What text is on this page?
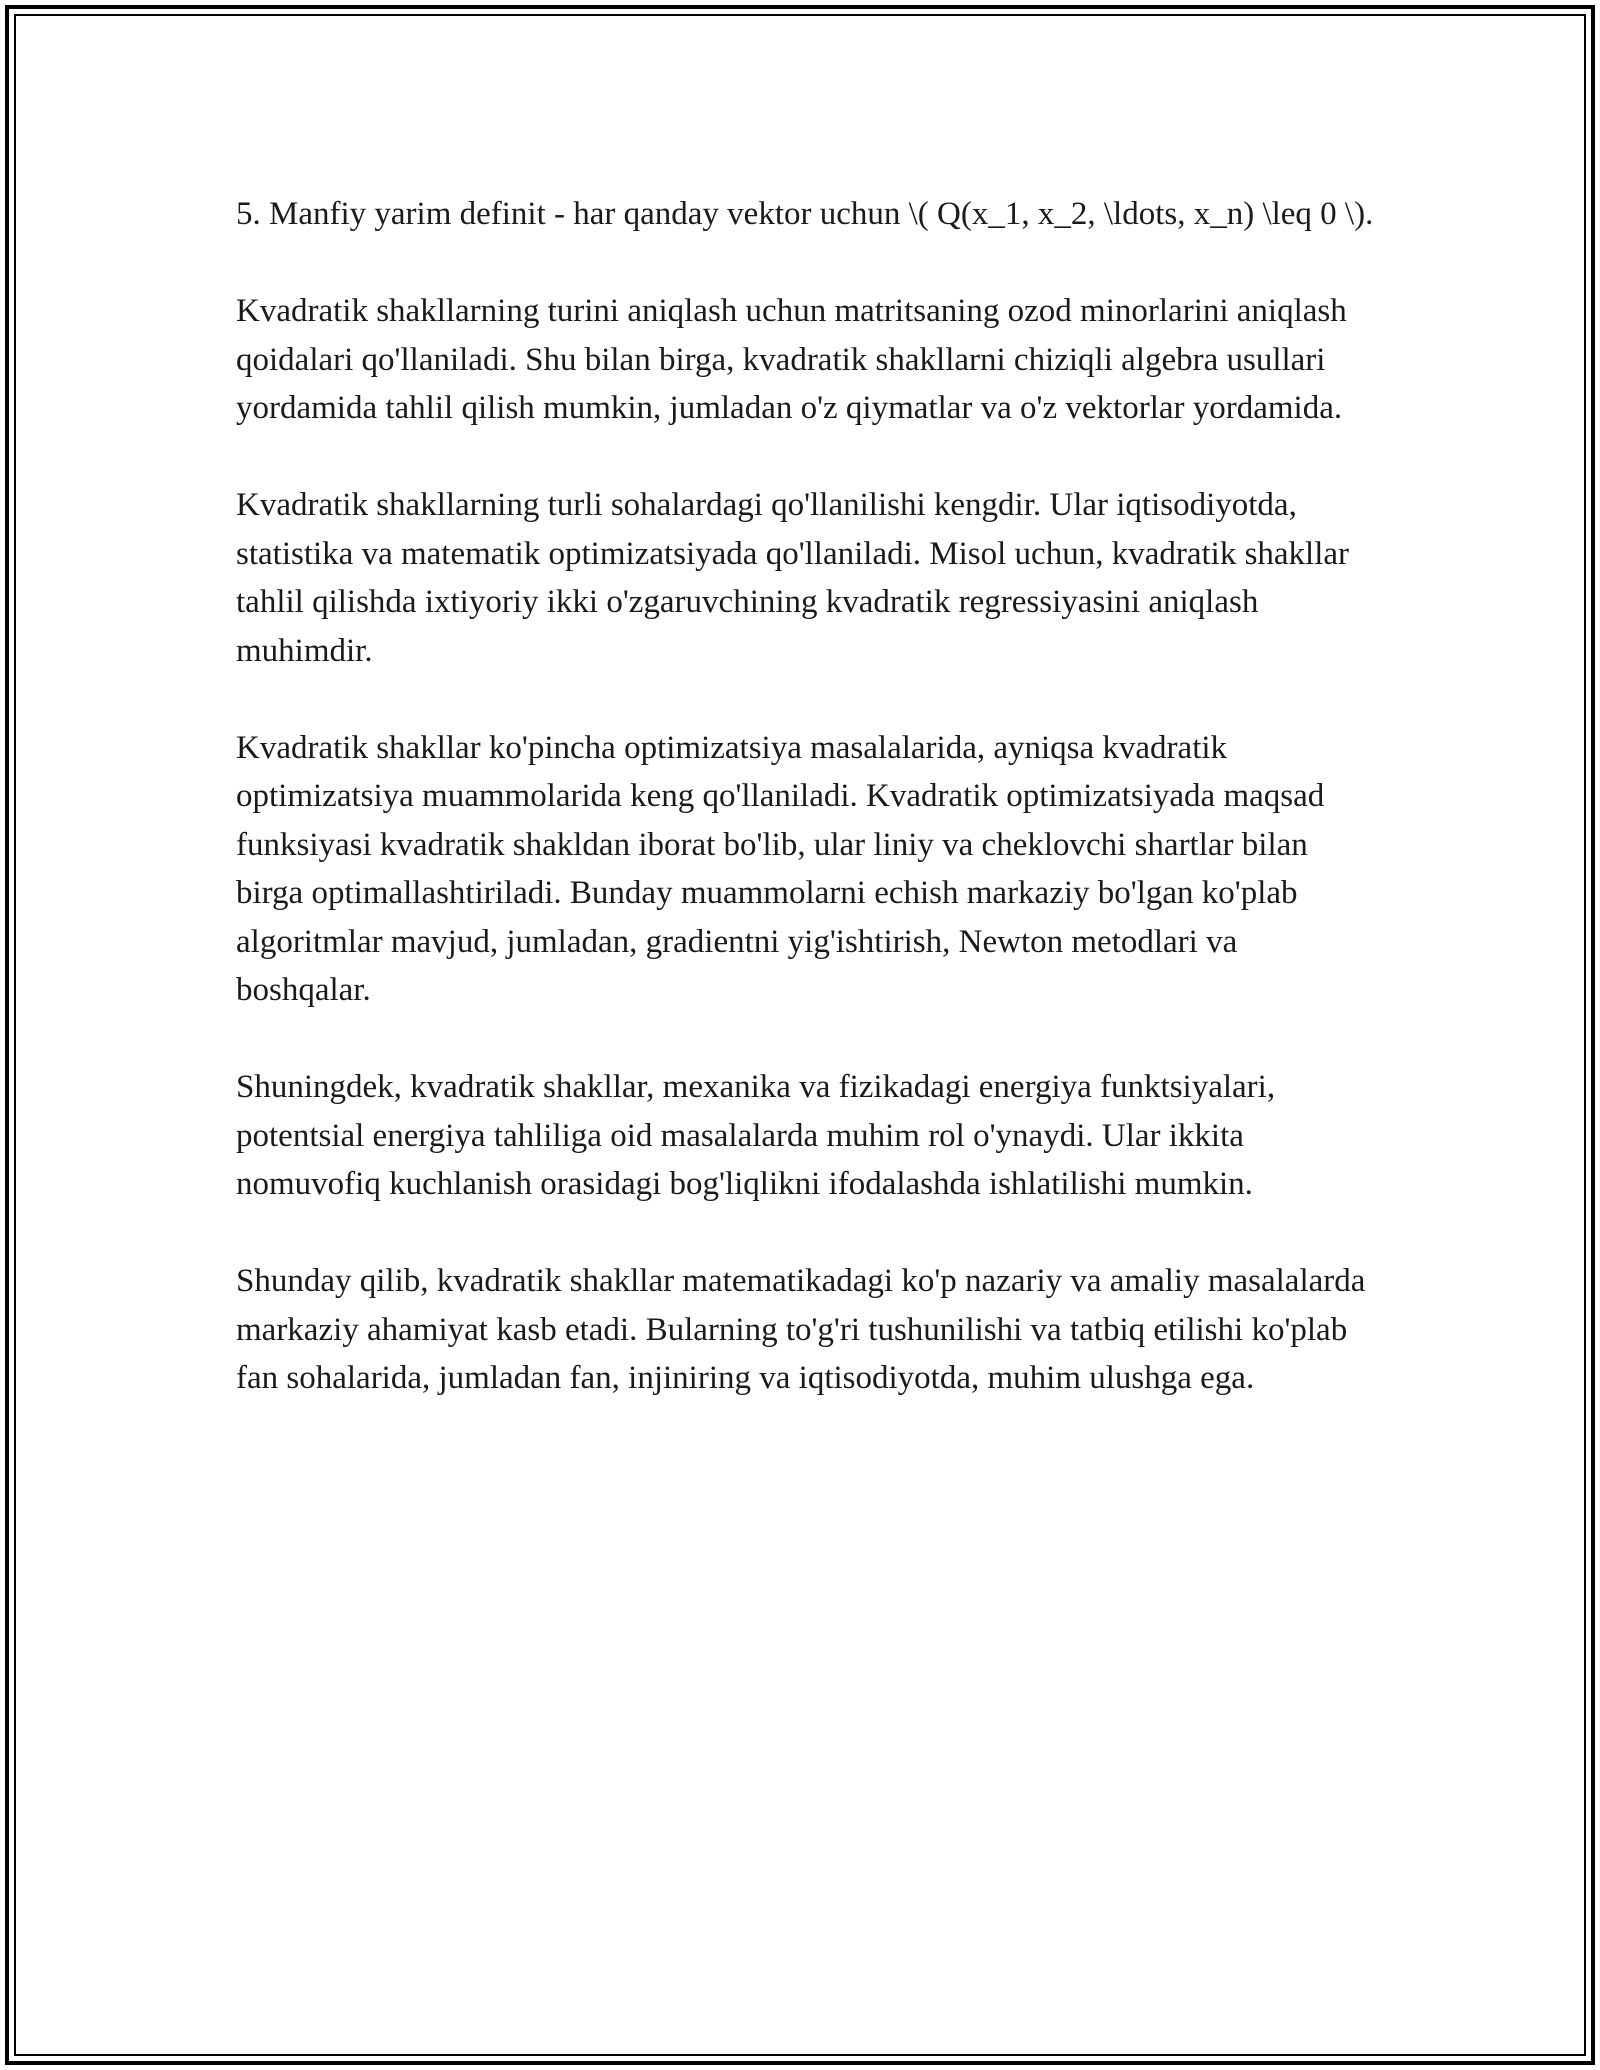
5. Manfiy yarim definit - har qanday vektor uchun \( Q(x_1, x_2, \ldots, x_n) \leq 0 \).

Kvadratik shakllarning turini aniqlash uchun matritsaning ozod minorlarini aniqlash qoidalari qo'llaniladi. Shu bilan birga, kvadratik shakllarni chiziqli algebra usullari yordamida tahlil qilish mumkin, jumladan o'z qiymatlar va o'z vektorlar yordamida.

Kvadratik shakllarning turli sohalardagi qo'llanilishi kengdir. Ular iqtisodiyotda, statistika va matematik optimizatsiyada qo'llaniladi. Misol uchun, kvadratik shakllar tahlil qilishda ixtiyoriy ikki o'zgaruvchining kvadratik regressiyasini aniqlash muhimdir.

Kvadratik shakllar ko'pincha optimizatsiya masalalarida, ayniqsa kvadratik optimizatsiya muammolarida keng qo'llaniladi. Kvadratik optimizatsiyada maqsad funksiyasi kvadratik shakldan iborat bo'lib, ular liniy va cheklovchi shartlar bilan birga optimallashtiriladi. Bunday muammolarni echish markaziy bo'lgan ko'plab algoritmlar mavjud, jumladan, gradientni yig'ishtirish, Newton metodlari va boshqalar.

Shuningdek, kvadratik shakllar, mexanika va fizikadagi energiya funktsiyalari, potentsial energiya tahliliga oid masalalarda muhim rol o'ynaydi. Ular ikkita nomuvofiq kuchlanish orasidagi bog'liqlikni ifodalashda ishlatilishi mumkin.

Shunday qilib, kvadratik shakllar matematikadagi ko'p nazariy va amaliy masalalarda markaziy ahamiyat kasb etadi. Bularning to'g'ri tushunilishi va tatbiq etilishi ko'plab fan sohalarida, jumladan fan, injiniring va iqtisodiyotda, muhim ulushga ega.
